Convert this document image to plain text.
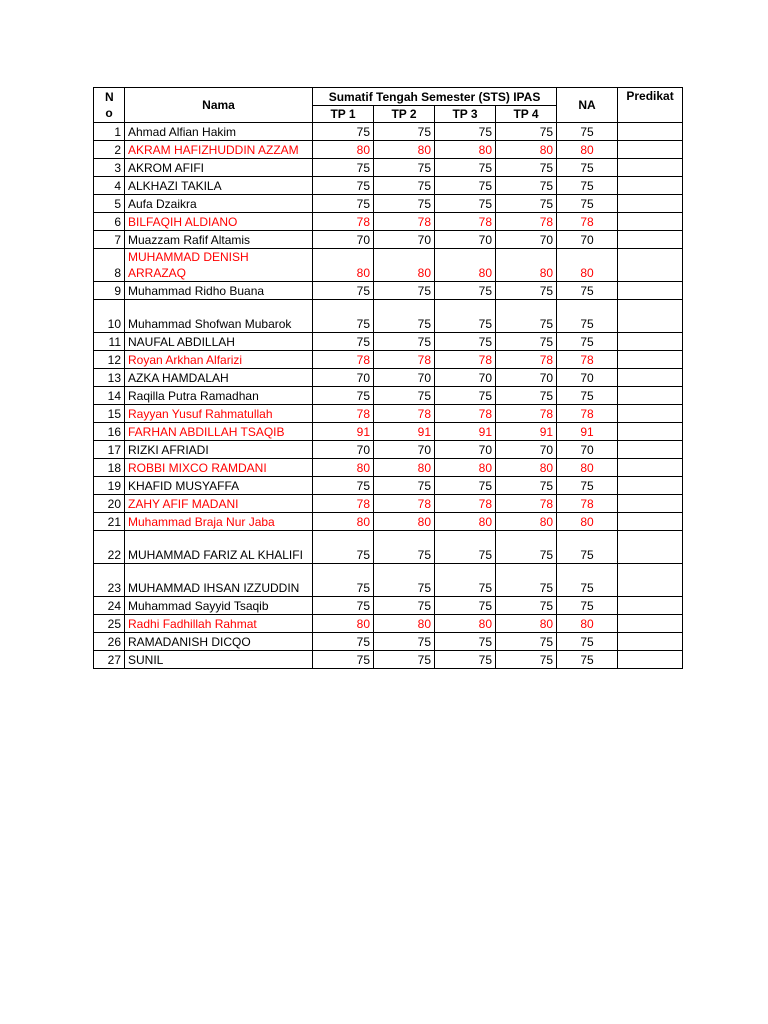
No	Nama	Sumatif Tengah Semester (STS) IPAS				NA	Predikat

		TP 1	TP 2	TP 3	TP 4		
1	Ahmad Alfian Hakim	75	75	75	75	75	
2	AKRAM HAFIZHUDDIN AZZAM	80	80	80	80	80	
3	AKROM AFIFI	75	75	75	75	75	
4	ALKHAZI TAKILA	75	75	75	75	75	
5	Aufa Dzaikra	75	75	75	75	75	
6	BILFAQIH ALDIANO	78	78	78	78	78	
7	Muazzam Rafif Altamis	70	70	70	70	70	
8	MUHAMMAD DENISH ARRAZAQ	80	80	80	80	80	
9	Muhammad Ridho Buana	75	75	75	75	75	
10	Muhammad Shofwan Mubarok	75	75	75	75	75	
11	NAUFAL ABDILLAH	75	75	75	75	75	
12	Royan Arkhan Alfarizi	78	78	78	78	78	
13	AZKA HAMDALAH	70	70	70	70	70	
14	Raqilla Putra Ramadhan	75	75	75	75	75	
15	Rayyan Yusuf Rahmatullah	78	78	78	78	78	
16	FARHAN ABDILLAH TSAQIB	91	91	91	91	91	
17	RIZKI AFRIADI	70	70	70	70	70	
18	ROBBI MIXCO RAMDANI	80	80	80	80	80	
19	KHAFID MUSYAFFA	75	75	75	75	75	
20	ZAHY AFIF MADANI	78	78	78	78	78	
21	Muhammad Braja Nur Jaba	80	80	80	80	80	
22	MUHAMMAD FARIZ AL KHALIFI	75	75	75	75	75	
23	MUHAMMAD IHSAN IZZUDDIN	75	75	75	75	75	
24	Muhammad Sayyid Tsaqib	75	75	75	75	75	
25	Radhi Fadhillah Rahmat	80	80	80	80	80	
26	RAMADANISH DICQO	75	75	75	75	75	
27	SUNIL	75	75	75	75	75	
